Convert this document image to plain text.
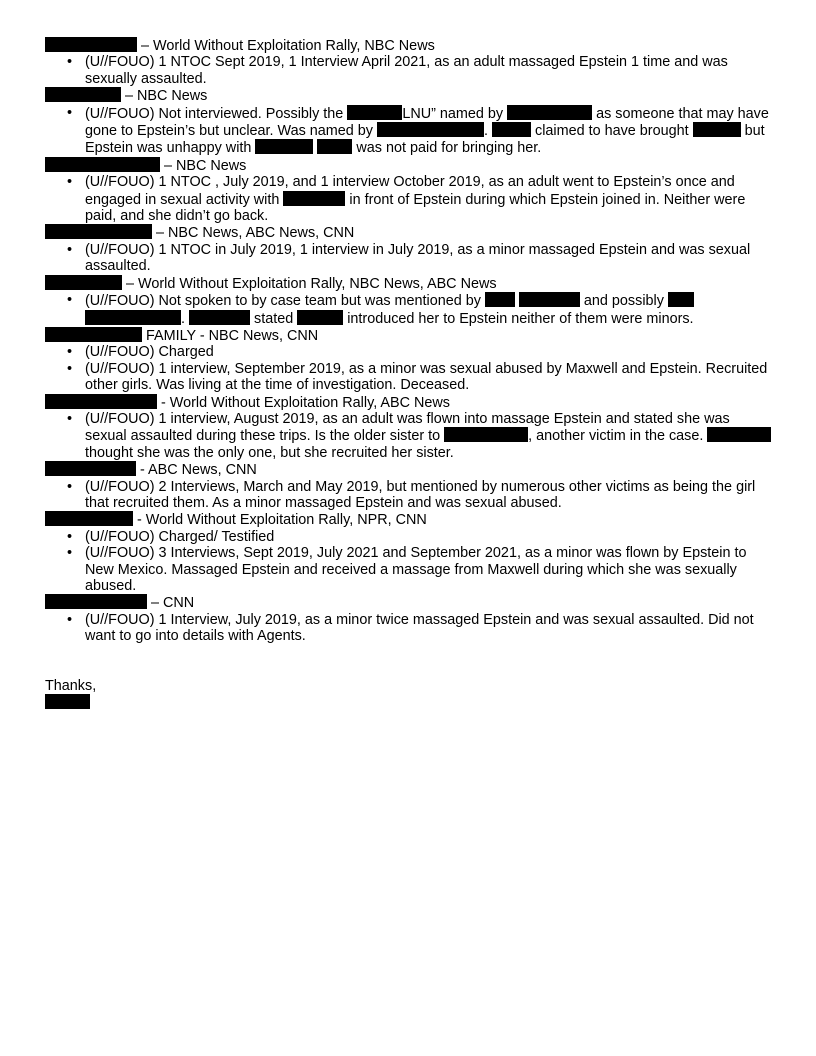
– World Without Exploitation Rally, NBC News
• (U//FOUO) 1 NTOC Sept 2019, 1 Interview April 2021, as an adult massaged Epstein 1 time and was sexually assaulted.
– NBC News
• (U//FOUO) Not interviewed. Possibly the	LNU” named by	as someone that may have gone to Epstein’s but unclear. Was named by	.	claimed to have brought	but Epstein was unhappy with	was not paid for bringing her.
– NBC News
• (U//FOUO) 1 NTOC , July 2019, and 1 interview October 2019, as an adult went to Epstein’s once and engaged in sexual activity with	in front of Epstein during which Epstein joined in. Neither were paid, and she didn’t go back.
– NBC News, ABC News, CNN
• (U//FOUO) 1 NTOC in July 2019, 1 interview in July 2019, as a minor massaged Epstein and was sexual assaulted.
– World Without Exploitation Rally, NBC News, ABC News
• (U//FOUO) Not spoken to by case team but was mentioned by	and possibly  .	stated	introduced her to Epstein neither of them were minors.
FAMILY - NBC News, CNN
• (U//FOUO) Charged
• (U//FOUO) 1 interview, September 2019, as a minor was sexual abused by Maxwell and Epstein. Recruited other girls. Was living at the time of investigation. Deceased.
- World Without Exploitation Rally, ABC News
• (U//FOUO) 1 interview, August 2019, as an adult was flown into massage Epstein and stated she was sexual assaulted during these trips. Is the older sister to	, another victim in the case.  thought she was the only one, but she recruited her sister.
- ABC News, CNN
• (U//FOUO) 2 Interviews, March and May 2019, but mentioned by numerous other victims as being the girl that recruited them. As a minor massaged Epstein and was sexual abused.
- World Without Exploitation Rally, NPR, CNN
• (U//FOUO) Charged/ Testified
• (U//FOUO) 3 Interviews, Sept 2019, July 2021 and September 2021, as a minor was flown by Epstein to New Mexico. Massaged Epstein and received a massage from Maxwell during which she was sexually abused.
– CNN
• (U//FOUO) 1 Interview, July 2019, as a minor twice massaged Epstein and was sexual assaulted. Did not want to go into details with Agents.
Thanks,
